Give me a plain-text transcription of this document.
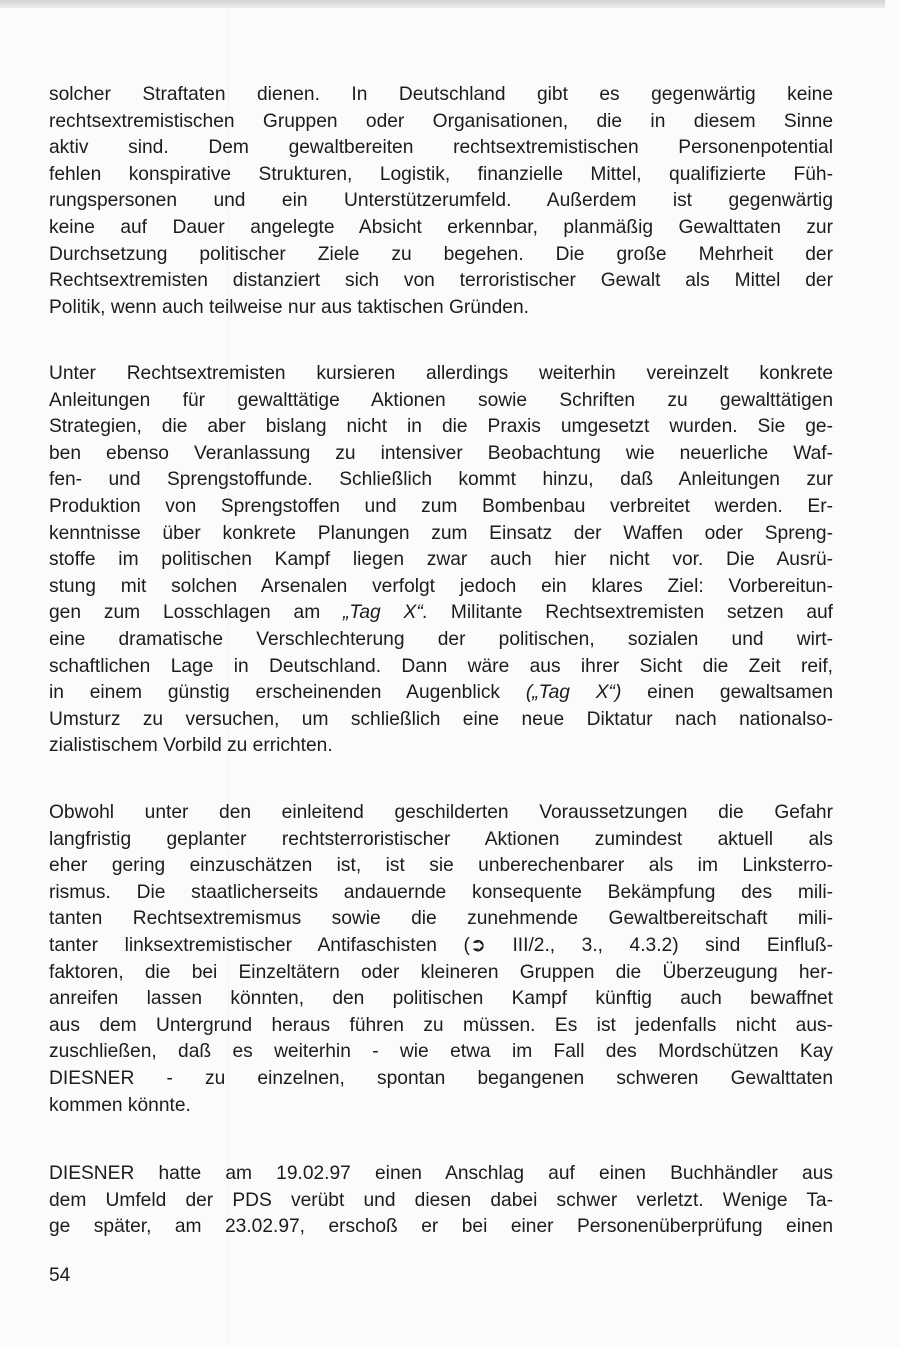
solcher Straftaten dienen. In Deutschland gibt es gegenwärtig keine
rechtsextremistischen Gruppen oder Organisationen, die in diesem Sinne
aktiv sind. Dem gewaltbereiten rechtsextremistischen Personenpotential
fehlen konspirative Strukturen, Logistik, finanzielle Mittel, qualifizierte Füh-
rungspersonen und ein Unterstützerumfeld. Außerdem ist gegenwärtig
keine auf Dauer angelegte Absicht erkennbar, planmäßig Gewalttaten zur
Durchsetzung politischer Ziele zu begehen. Die große Mehrheit der
Rechtsextremisten distanziert sich von terroristischer Gewalt als Mittel der
Politik, wenn auch teilweise nur aus taktischen Gründen.
Unter Rechtsextremisten kursieren allerdings weiterhin vereinzelt konkrete
Anleitungen für gewalttätige Aktionen sowie Schriften zu gewalttätigen
Strategien, die aber bislang nicht in die Praxis umgesetzt wurden. Sie ge-
ben ebenso Veranlassung zu intensiver Beobachtung wie neuerliche Waf-
fen- und Sprengstoffunde. Schließlich kommt hinzu, daß Anleitungen zur
Produktion von Sprengstoffen und zum Bombenbau verbreitet werden. Er-
kenntnisse über konkrete Planungen zum Einsatz der Waffen oder Spreng-
stoffe im politischen Kampf liegen zwar auch hier nicht vor. Die Ausrü-
stung mit solchen Arsenalen verfolgt jedoch ein klares Ziel: Vorbereitun-
gen zum Losschlagen am „Tag X“. Militante Rechtsextremisten setzen auf
eine dramatische Verschlechterung der politischen, sozialen und wirt-
schaftlichen Lage in Deutschland. Dann wäre aus ihrer Sicht die Zeit reif,
in einem günstig erscheinenden Augenblick („Tag X“) einen gewaltsamen
Umsturz zu versuchen, um schließlich eine neue Diktatur nach nationalso-
zialistischem Vorbild zu errichten.
Obwohl unter den einleitend geschilderten Voraussetzungen die Gefahr
langfristig geplanter rechtsterroristischer Aktionen zumindest aktuell als
eher gering einzuschätzen ist, ist sie unberechenbarer als im Linksterro-
rismus. Die staatlicherseits andauernde konsequente Bekämpfung des mili-
tanten Rechtsextremismus sowie die zunehmende Gewaltbereitschaft mili-
tanter linksextremistischer Antifaschisten (➲ III/2., 3., 4.3.2) sind Einfluß-
faktoren, die bei Einzeltätern oder kleineren Gruppen die Überzeugung her-
anreifen lassen könnten, den politischen Kampf künftig auch bewaffnet
aus dem Untergrund heraus führen zu müssen. Es ist jedenfalls nicht aus-
zuschließen, daß es weiterhin - wie etwa im Fall des Mordschützen Kay
DIESNER - zu einzelnen, spontan begangenen schweren Gewalttaten
kommen könnte.
DIESNER hatte am 19.02.97 einen Anschlag auf einen Buchhändler aus
dem Umfeld der PDS verübt und diesen dabei schwer verletzt. Wenige Ta-
ge später, am 23.02.97, erschoß er bei einer Personenüberprüfung einen
54
